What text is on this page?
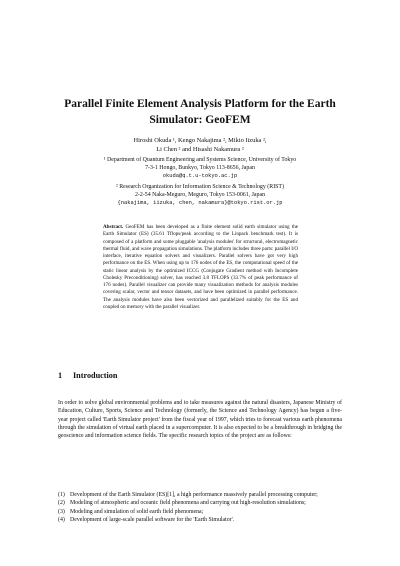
Parallel Finite Element Analysis Platform for the Earth
Simulator: GeoFEM
Hiroshi Okuda ¹, Kengo Nakajima ², Mikio Iizuka ²,
Li Chen ² and Hisashi Nakamura ²
¹ Department of Quantum Engineering and Systems Science, University of Tokyo
7-3-1 Hongo, Bunkyo, Tokyo 113-8656, Japan
okuda@q.t.u-tokyo.ac.jp
² Research Organization for Information Science & Technology (RIST)
2-2-54 Naka-Meguro, Meguro, Tokyo 153-0061, Japan
{nakajima, iizuka, chen, nakamura}@tokyo.rist.or.jp
Abstract. GeoFEM has been developed as a finite element solid earth simulator using the Earth Simulator (ES) (35.61 Tflops/peak according to the Linpack benchmark test). It is composed of a platform and some pluggable 'analysis modules' for structural, electromagnetic thermal fluid, and wave propagation simulations. The platform includes three parts: parallel I/O interface, iterative equation solvers and visualizers. Parallel solvers have got very high performance on the ES. When using up to 176 nodes of the ES, the computational speed of the static linear analysis by the optimized ICCG (Conjugate Gradient method with Incomplete Cholesky Preconditioning) solver, has reached 3.8 TFLOPS (33.7% of peak performance of 176 nodes). Parallel visualizer can provide many visualization methods for analysis modules covering scalar, vector and tensor datasets, and have been optimized in parallel performance. The analysis modules have also been vectorized and parallelized suitably for the ES and coupled on memory with the parallel visualizer.
1 Introduction
In order to solve global environmental problems and to take measures against the natural disasters, Japanese Ministry of Education, Culture, Sports, Science and Technology (formerly, the Science and Technology Agency) has begun a five-year project called 'Earth Simulator project' from the fiscal year of 1997, which tries to forecast various earth phenomena through the simulation of virtual earth placed in a supercomputer. It is also expected to be a breakthrough in bridging the geoscience and information science fields. The specific research topics of the project are as follows:
(1) Development of the Earth Simulator (ES)[1], a high performance massively parallel processing computer;
(2) Modeling of atmospheric and oceanic field phenomena and carrying out high-resolution simulations;
(3) Modeling and simulation of solid earth field phenomena;
(4) Development of large-scale parallel software for the 'Earth Simulator'.
